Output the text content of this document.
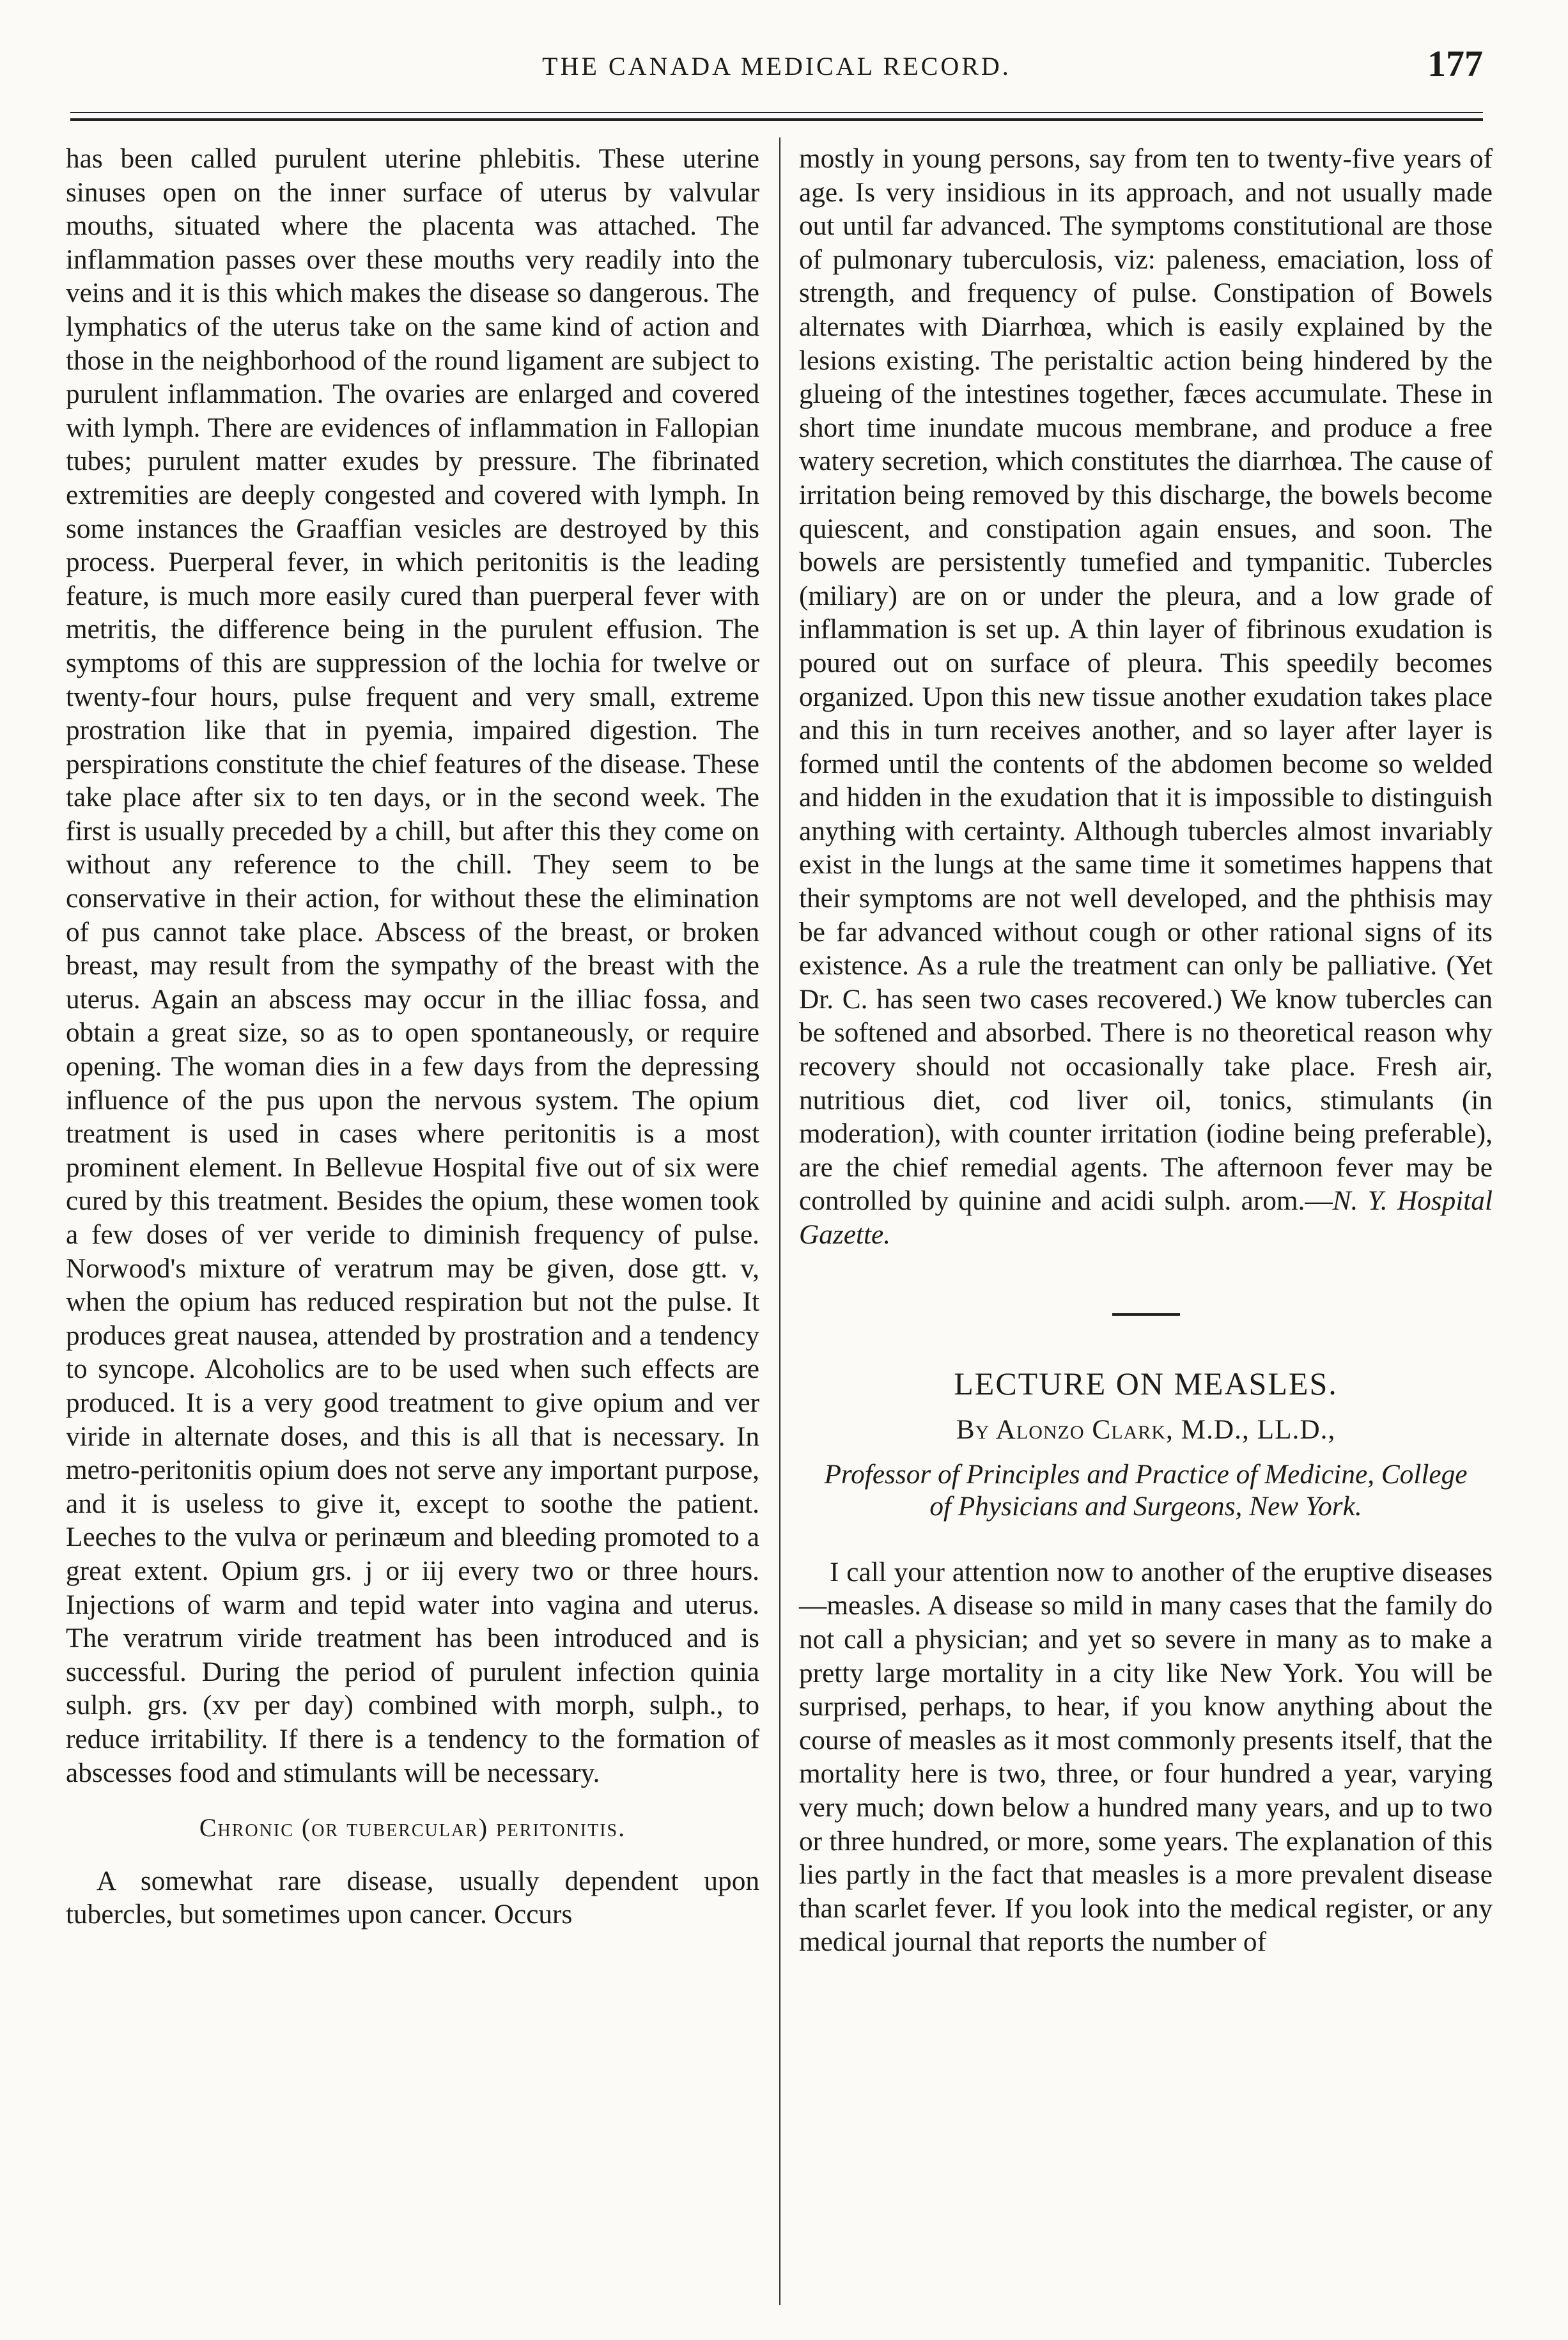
THE CANADA MEDICAL RECORD.	177

has been called purulent uterine phlebitis. These uterine sinuses open on the inner surface of uterus by valvular mouths, situated where the placenta was attached. The inflammation passes over these mouths very readily into the veins and it is this which makes the disease so dangerous. The lymphatics of the uterus take on the same kind of action and those in the neighborhood of the round ligament are subject to purulent inflammation. The ovaries are enlarged and covered with lymph. There are evidences of inflammation in Fallopian tubes; purulent matter exudes by pressure. The fibrinated extremities are deeply congested and covered with lymph. In some instances the Graaffian vesicles are destroyed by this process. Puerperal fever, in which peritonitis is the leading feature, is much more easily cured than puerperal fever with metritis, the difference being in the purulent effusion. The symptoms of this are suppression of the lochia for twelve or twenty-four hours, pulse frequent and very small, extreme prostration like that in pyemia, impaired digestion. The perspirations constitute the chief features of the disease. These take place after six to ten days, or in the second week. The first is usually preceded by a chill, but after this they come on without any reference to the chill. They seem to be conservative in their action, for without these the elimination of pus cannot take place. Abscess of the breast, or broken breast, may result from the sympathy of the breast with the uterus. Again an abscess may occur in the illiac fossa, and obtain a great size, so as to open spontaneously, or require opening. The woman dies in a few days from the depressing influence of the pus upon the nervous system. The opium treatment is used in cases where peritonitis is a most prominent element. In Bellevue Hospital five out of six were cured by this treatment. Besides the opium, these women took a few doses of ver veride to diminish frequency of pulse. Norwood's mixture of veratrum may be given, dose gtt. v, when the opium has reduced respiration but not the pulse. It produces great nausea, attended by prostration and a tendency to syncope. Alcoholics are to be used when such effects are produced. It is a very good treatment to give opium and ver viride in alternate doses, and this is all that is necessary. In metro-peritonitis opium does not serve any important purpose, and it is useless to give it, except to soothe the patient. Leeches to the vulva or perinæum and bleeding promoted to a great extent. Opium grs. j or iij every two or three hours. Injections of warm and tepid water into vagina and uterus. The veratrum viride treatment has been introduced and is successful. During the period of purulent infection quinia sulph. grs. (xv per day) combined with morph, sulph., to reduce irritability. If there is a tendency to the formation of abscesses food and stimulants will be necessary.

Chronic (or tubercular) peritonitis.

A somewhat rare disease, usually dependent upon tubercles, but sometimes upon cancer. Occurs

mostly in young persons, say from ten to twenty-five years of age. Is very insidious in its approach, and not usually made out until far advanced. The symptoms constitutional are those of pulmonary tuberculosis, viz: paleness, emaciation, loss of strength, and frequency of pulse. Constipation of Bowels alternates with Diarrhœa, which is easily explained by the lesions existing. The peristaltic action being hindered by the glueing of the intestines together, fæces accumulate. These in short time inundate mucous membrane, and produce a free watery secretion, which constitutes the diarrhœa. The cause of irritation being removed by this discharge, the bowels become quiescent, and constipation again ensues, and soon. The bowels are persistently tumefied and tympanitic. Tubercles (miliary) are on or under the pleura, and a low grade of inflammation is set up. A thin layer of fibrinous exudation is poured out on surface of pleura. This speedily becomes organized. Upon this new tissue another exudation takes place and this in turn receives another, and so layer after layer is formed until the contents of the abdomen become so welded and hidden in the exudation that it is impossible to distinguish anything with certainty. Although tubercles almost invariably exist in the lungs at the same time it sometimes happens that their symptoms are not well developed, and the phthisis may be far advanced without cough or other rational signs of its existence. As a rule the treatment can only be palliative. (Yet Dr. C. has seen two cases recovered.) We know tubercles can be softened and absorbed. There is no theoretical reason why recovery should not occasionally take place. Fresh air, nutritious diet, cod liver oil, tonics, stimulants (in moderation), with counter irritation (iodine being preferable), are the chief remedial agents. The afternoon fever may be controlled by quinine and acidi sulph. arom.—N. Y. Hospital Gazette.

LECTURE ON MEASLES.

By Alonzo Clark, M.D., LL.D.,

Professor of Principles and Practice of Medicine, College of Physicians and Surgeons, New York.

I call your attention now to another of the eruptive diseases—measles. A disease so mild in many cases that the family do not call a physician; and yet so severe in many as to make a pretty large mortality in a city like New York. You will be surprised, perhaps, to hear, if you know anything about the course of measles as it most commonly presents itself, that the mortality here is two, three, or four hundred a year, varying very much; down below a hundred many years, and up to two or three hundred, or more, some years. The explanation of this lies partly in the fact that measles is a more prevalent disease than scarlet fever. If you look into the medical register, or any medical journal that reports the number of
